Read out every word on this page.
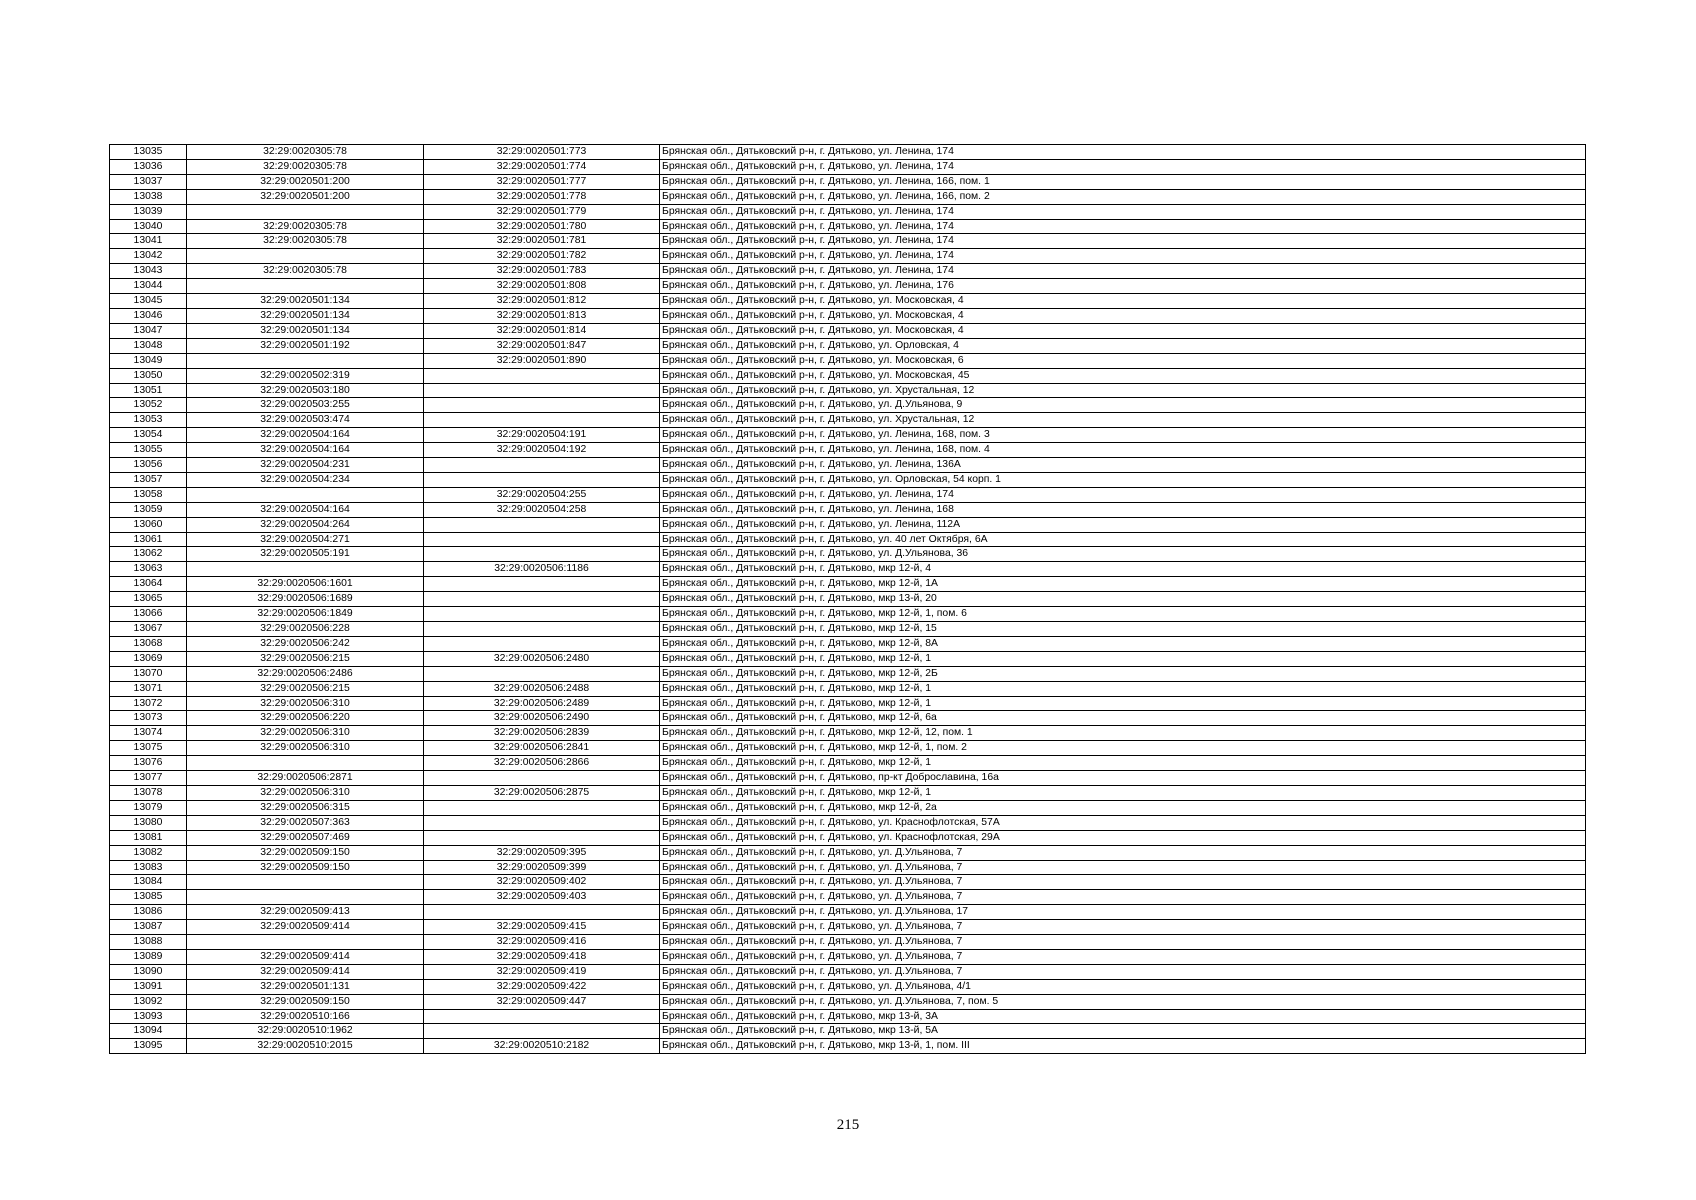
13035	32:29:0020305:78	32:29:0020501:773	Брянская обл., Дятьковский р-н, г. Дятьково, ул. Ленина, 174
13036	32:29:0020305:78	32:29:0020501:774	Брянская обл., Дятьковский р-н, г. Дятьково, ул. Ленина, 174
13037	32:29:0020501:200	32:29:0020501:777	Брянская обл., Дятьковский р-н, г. Дятьково, ул. Ленина, 166, пом. 1
13038	32:29:0020501:200	32:29:0020501:778	Брянская обл., Дятьковский р-н, г. Дятьково, ул. Ленина, 166, пом. 2
13039		32:29:0020501:779	Брянская обл., Дятьковский р-н, г. Дятьково, ул. Ленина, 174
13040	32:29:0020305:78	32:29:0020501:780	Брянская обл., Дятьковский р-н, г. Дятьково, ул. Ленина, 174
13041	32:29:0020305:78	32:29:0020501:781	Брянская обл., Дятьковский р-н, г. Дятьково, ул. Ленина, 174
13042		32:29:0020501:782	Брянская обл., Дятьковский р-н, г. Дятьково, ул. Ленина, 174
13043	32:29:0020305:78	32:29:0020501:783	Брянская обл., Дятьковский р-н, г. Дятьково, ул. Ленина, 174
13044		32:29:0020501:808	Брянская обл., Дятьковский р-н, г. Дятьково, ул. Ленина, 176
13045	32:29:0020501:134	32:29:0020501:812	Брянская обл., Дятьковский р-н, г. Дятьково, ул. Московская, 4
13046	32:29:0020501:134	32:29:0020501:813	Брянская обл., Дятьковский р-н, г. Дятьково, ул. Московская, 4
13047	32:29:0020501:134	32:29:0020501:814	Брянская обл., Дятьковский р-н, г. Дятьково, ул. Московская, 4
13048	32:29:0020501:192	32:29:0020501:847	Брянская обл., Дятьковский р-н, г. Дятьково, ул. Орловская, 4
13049		32:29:0020501:890	Брянская обл., Дятьковский р-н, г. Дятьково, ул. Московская, 6
13050	32:29:0020502:319		Брянская обл., Дятьковский р-н, г. Дятьково, ул. Московская, 45
13051	32:29:0020503:180		Брянская обл., Дятьковский р-н, г. Дятьково, ул. Хрустальная, 12
13052	32:29:0020503:255		Брянская обл., Дятьковский р-н, г. Дятьково, ул. Д.Ульянова, 9
13053	32:29:0020503:474		Брянская обл., Дятьковский р-н, г. Дятьково, ул. Хрустальная, 12
13054	32:29:0020504:164	32:29:0020504:191	Брянская обл., Дятьковский р-н, г. Дятьково, ул. Ленина, 168, пом. 3
13055	32:29:0020504:164	32:29:0020504:192	Брянская обл., Дятьковский р-н, г. Дятьково, ул. Ленина, 168, пом. 4
13056	32:29:0020504:231		Брянская обл., Дятьковский р-н, г. Дятьково, ул. Ленина, 136А
13057	32:29:0020504:234		Брянская обл., Дятьковский р-н, г. Дятьково, ул. Орловская, 54 корп. 1
13058		32:29:0020504:255	Брянская обл., Дятьковский р-н, г. Дятьково, ул. Ленина, 174
13059	32:29:0020504:164	32:29:0020504:258	Брянская обл., Дятьковский р-н, г. Дятьково, ул. Ленина, 168
13060	32:29:0020504:264		Брянская обл., Дятьковский р-н, г. Дятьково, ул. Ленина, 112А
13061	32:29:0020504:271		Брянская обл., Дятьковский р-н, г. Дятьково, ул. 40 лет Октября, 6А
13062	32:29:0020505:191		Брянская обл., Дятьковский р-н, г. Дятьково, ул. Д.Ульянова, 36
13063		32:29:0020506:1186	Брянская обл., Дятьковский р-н, г. Дятьково, мкр 12-й, 4
13064	32:29:0020506:1601		Брянская обл., Дятьковский р-н, г. Дятьково, мкр 12-й, 1А
13065	32:29:0020506:1689		Брянская обл., Дятьковский р-н, г. Дятьково, мкр 13-й, 20
13066	32:29:0020506:1849		Брянская обл., Дятьковский р-н, г. Дятьково, мкр 12-й, 1, пом. 6
13067	32:29:0020506:228		Брянская обл., Дятьковский р-н, г. Дятьково, мкр 12-й, 15
13068	32:29:0020506:242		Брянская обл., Дятьковский р-н, г. Дятьково, мкр 12-й, 8А
13069	32:29:0020506:215	32:29:0020506:2480	Брянская обл., Дятьковский р-н, г. Дятьково, мкр 12-й, 1
13070	32:29:0020506:2486		Брянская обл., Дятьковский р-н, г. Дятьково, мкр 12-й, 2Б
13071	32:29:0020506:215	32:29:0020506:2488	Брянская обл., Дятьковский р-н, г. Дятьково, мкр 12-й, 1
13072	32:29:0020506:310	32:29:0020506:2489	Брянская обл., Дятьковский р-н, г. Дятьково, мкр 12-й, 1
13073	32:29:0020506:220	32:29:0020506:2490	Брянская обл., Дятьковский р-н, г. Дятьково, мкр 12-й, 6а
13074	32:29:0020506:310	32:29:0020506:2839	Брянская обл., Дятьковский р-н, г. Дятьково, мкр 12-й, 12, пом. 1
13075	32:29:0020506:310	32:29:0020506:2841	Брянская обл., Дятьковский р-н, г. Дятьково, мкр 12-й, 1, пом. 2
13076		32:29:0020506:2866	Брянская обл., Дятьковский р-н, г. Дятьково, мкр 12-й, 1
13077	32:29:0020506:2871		Брянская обл., Дятьковский р-н, г. Дятьково, пр-кт Доброславина, 16а
13078	32:29:0020506:310	32:29:0020506:2875	Брянская обл., Дятьковский р-н, г. Дятьково, мкр 12-й, 1
13079	32:29:0020506:315		Брянская обл., Дятьковский р-н, г. Дятьково, мкр 12-й, 2а
13080	32:29:0020507:363		Брянская обл., Дятьковский р-н, г. Дятьково, ул. Краснофлотская, 57А
13081	32:29:0020507:469		Брянская обл., Дятьковский р-н, г. Дятьково, ул. Краснофлотская, 29А
13082	32:29:0020509:150	32:29:0020509:395	Брянская обл., Дятьковский р-н, г. Дятьково, ул. Д.Ульянова, 7
13083	32:29:0020509:150	32:29:0020509:399	Брянская обл., Дятьковский р-н, г. Дятьково, ул. Д.Ульянова, 7
13084		32:29:0020509:402	Брянская обл., Дятьковский р-н, г. Дятьково, ул. Д.Ульянова, 7
13085		32:29:0020509:403	Брянская обл., Дятьковский р-н, г. Дятьково, ул. Д.Ульянова, 7
13086	32:29:0020509:413		Брянская обл., Дятьковский р-н, г. Дятьково, ул. Д.Ульянова, 17
13087	32:29:0020509:414	32:29:0020509:415	Брянская обл., Дятьковский р-н, г. Дятьково, ул. Д.Ульянова, 7
13088		32:29:0020509:416	Брянская обл., Дятьковский р-н, г. Дятьково, ул. Д.Ульянова, 7
13089	32:29:0020509:414	32:29:0020509:418	Брянская обл., Дятьковский р-н, г. Дятьково, ул. Д.Ульянова, 7
13090	32:29:0020509:414	32:29:0020509:419	Брянская обл., Дятьковский р-н, г. Дятьково, ул. Д.Ульянова, 7
13091	32:29:0020501:131	32:29:0020509:422	Брянская обл., Дятьковский р-н, г. Дятьково, ул. Д.Ульянова, 4/1
13092	32:29:0020509:150	32:29:0020509:447	Брянская обл., Дятьковский р-н, г. Дятьково, ул. Д.Ульянова, 7, пом. 5
13093	32:29:0020510:166		Брянская обл., Дятьковский р-н, г. Дятьково, мкр 13-й, 3А
13094	32:29:0020510:1962		Брянская обл., Дятьковский р-н, г. Дятьково, мкр 13-й, 5А
13095	32:29:0020510:2015	32:29:0020510:2182	Брянская обл., Дятьковский р-н, г. Дятьково, мкр 13-й, 1, пом. III
215
